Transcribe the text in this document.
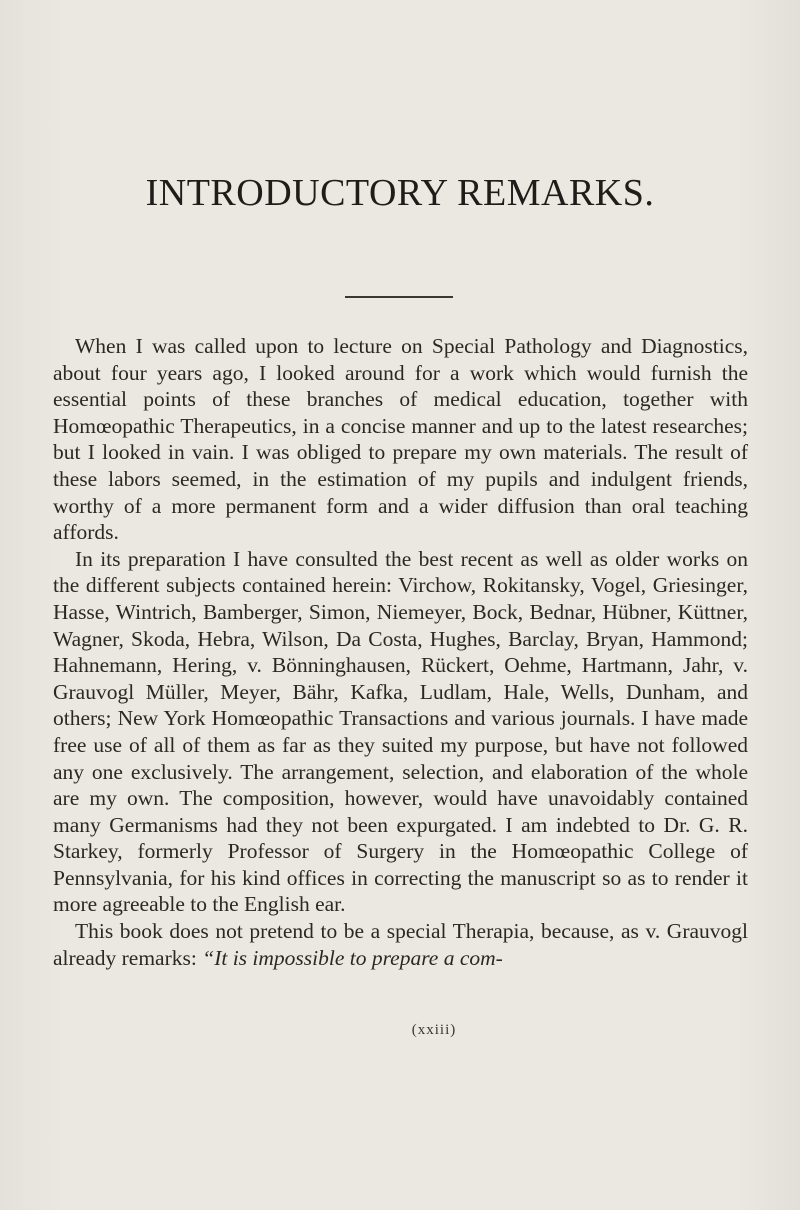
INTRODUCTORY REMARKS.

When I was called upon to lecture on Special Pathology and Diagnostics, about four years ago, I looked around for a work which would furnish the essential points of these branches of medical education, together with Homœopathic Therapeutics, in a concise manner and up to the latest researches; but I looked in vain. I was obliged to prepare my own materials. The result of these labors seemed, in the estimation of my pupils and indulgent friends, worthy of a more permanent form and a wider diffusion than oral teaching affords.

In its preparation I have consulted the best recent as well as older works on the different subjects contained herein: Virchow, Rokitansky, Vogel, Griesinger, Hasse, Wintrich, Bamberger, Simon, Niemeyer, Bock, Bednar, Hübner, Küttner, Wagner, Skoda, Hebra, Wilson, Da Costa, Hughes, Barclay, Bryan, Hammond; Hahnemann, Hering, v. Bönninghausen, Rückert, Oehme, Hartmann, Jahr, v. Grauvogl Müller, Meyer, Bähr, Kafka, Ludlam, Hale, Wells, Dunham, and others; New York Homœopathic Transactions and various journals. I have made free use of all of them as far as they suited my purpose, but have not followed any one exclusively. The arrangement, selection, and elaboration of the whole are my own. The composition, however, would have unavoidably contained many Germanisms had they not been expurgated. I am indebted to Dr. G. R. Starkey, formerly Professor of Surgery in the Homœopathic College of Pennsylvania, for his kind offices in correcting the manuscript so as to render it more agreeable to the English ear.

This book does not pretend to be a special Therapia, because, as v. Grauvogl already remarks: “It is impossible to prepare a com-

(xxiii)
